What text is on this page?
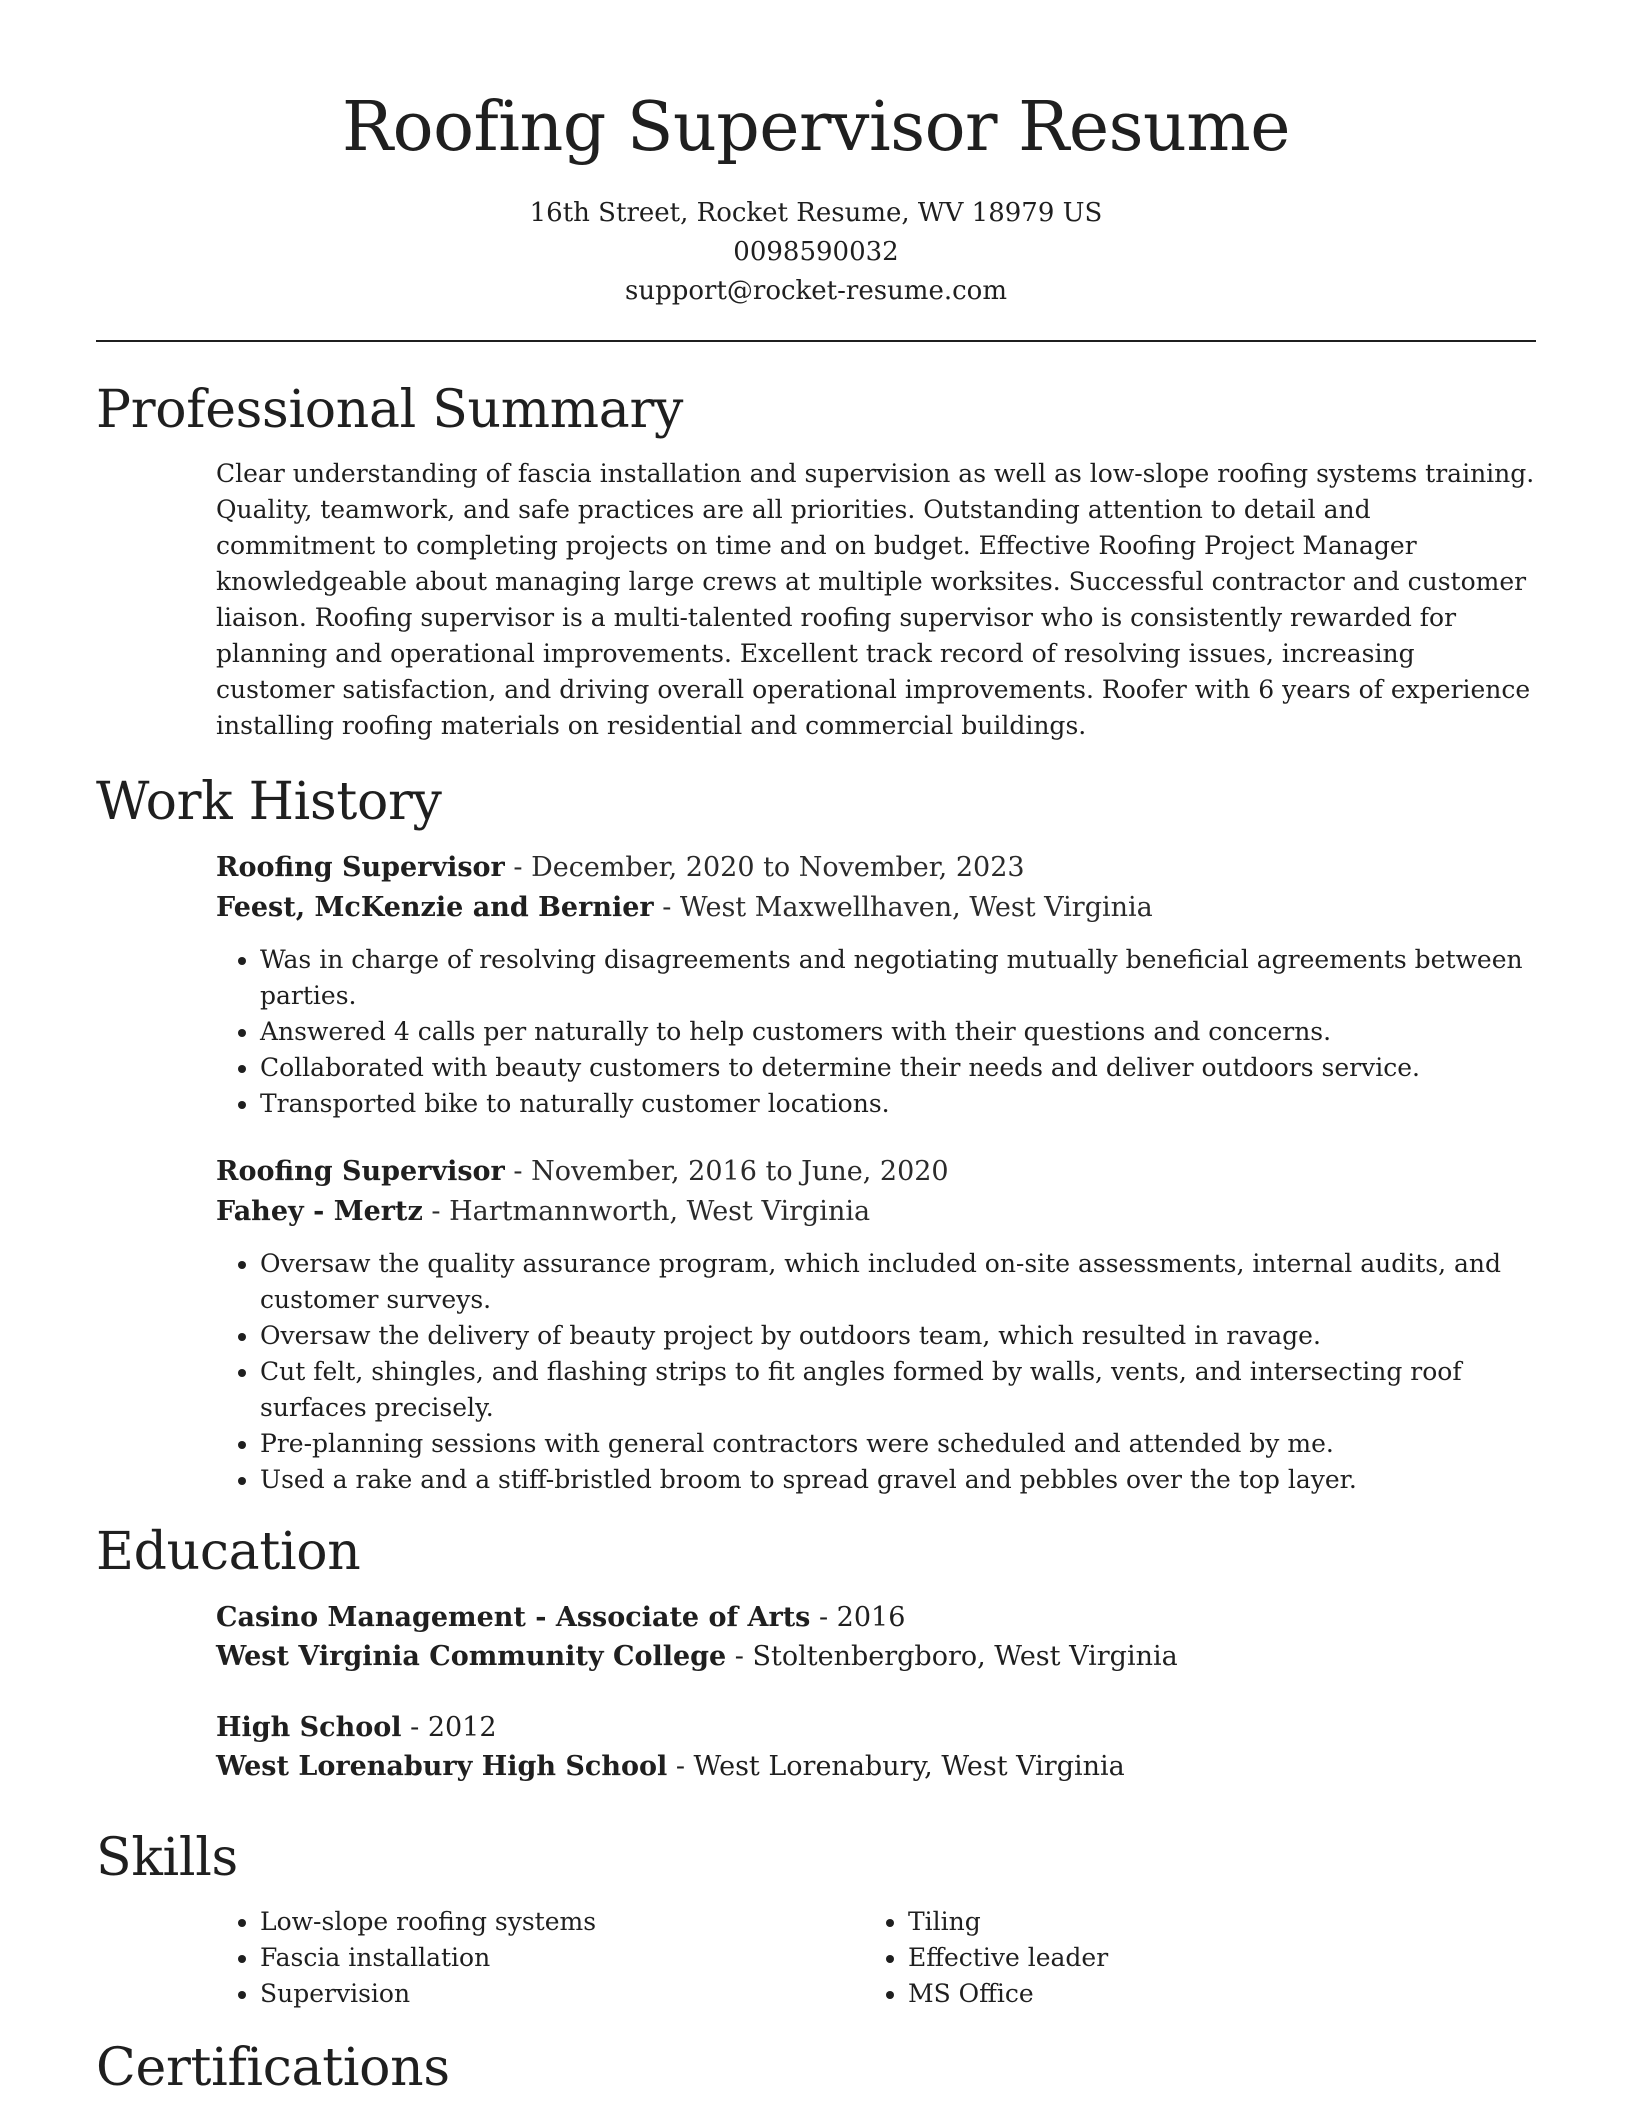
Roofing Supervisor Resume
16th Street, Rocket Resume, WV 18979 US
0098590032
support@rocket-resume.com
Professional Summary

Clear understanding of fascia installation and supervision as well as low-slope roofing systems training. Quality, teamwork, and safe practices are all priorities. Outstanding attention to detail and commitment to completing projects on time and on budget. Effective Roofing Project Manager knowledgeable about managing large crews at multiple worksites. Successful contractor and customer liaison. Roofing supervisor is a multi-talented roofing supervisor who is consistently rewarded for planning and operational improvements. Excellent track record of resolving issues, increasing customer satisfaction, and driving overall operational improvements. Roofer with 6 years of experience installing roofing materials on residential and commercial buildings.

Work History

Roofing Supervisor - December, 2020 to November, 2023

Feest, McKenzie and Bernier - West Maxwellhaven, West Virginia

• Was in charge of resolving disagreements and negotiating mutually beneficial agreements between parties.
• Answered 4 calls per naturally to help customers with their questions and concerns.
• Collaborated with beauty customers to determine their needs and deliver outdoors service.
• Transported bike to naturally customer locations.

Roofing Supervisor - November, 2016 to June, 2020

Fahey - Mertz - Hartmannworth, West Virginia

• Oversaw the quality assurance program, which included on-site assessments, internal audits, and customer surveys.
• Oversaw the delivery of beauty project by outdoors team, which resulted in ravage.
• Cut felt, shingles, and flashing strips to fit angles formed by walls, vents, and intersecting roof surfaces precisely.
• Pre-planning sessions with general contractors were scheduled and attended by me.
• Used a rake and a stiff-bristled broom to spread gravel and pebbles over the top layer.
Education

Casino Management - Associate of Arts - 2016

West Virginia Community College - Stoltenbergboro, West Virginia

High School - 2012

West Lorenabury High School - West Lorenabury, West Virginia

Skills
• Low-slope roofing systems
• Fascia installation
• Supervision
• Tiling
• Effective leader
• MS Office
Certifications
